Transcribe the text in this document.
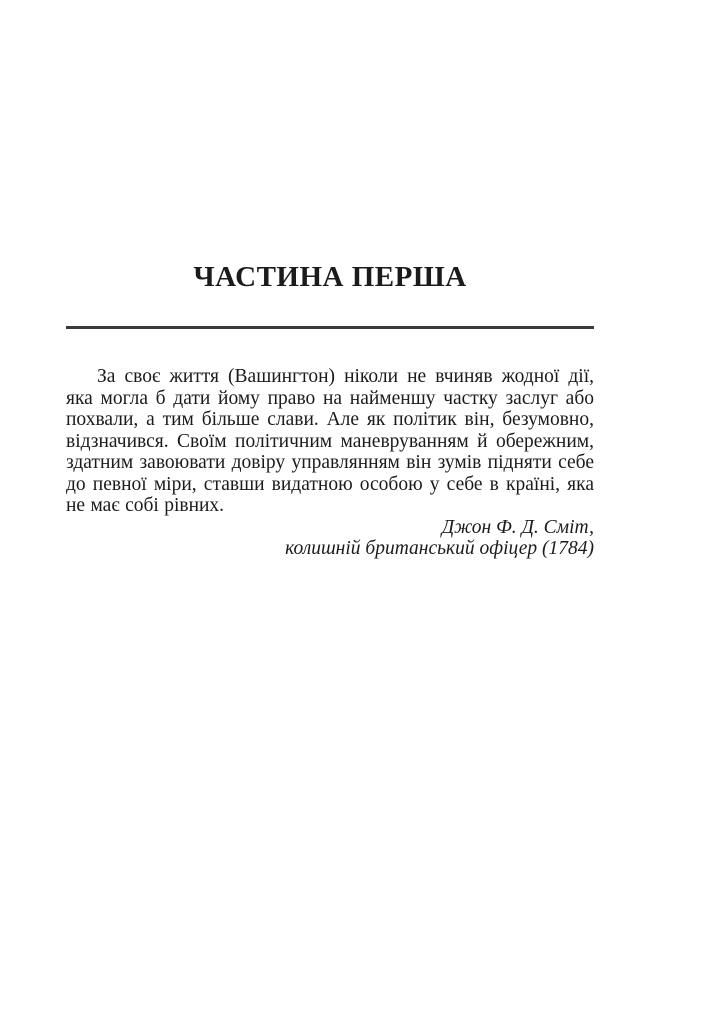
ЧАСТИНА ПЕРША

За своє життя (Вашингтон) ніколи не вчиняв жодної дії, яка могла б дати йому право на найменшу частку заслуг або похвали, а тим більше слави. Але як політик він, безумовно, відзначився. Своїм політичним маневруванням й обережним, здатним завоювати довіру управлянням він зумів підняти себе до певної міри, ставши видатною особою у себе в країні, яка не має собі рівних.

Джон Ф. Д. Сміт,
колишній британський офіцер (1784)
